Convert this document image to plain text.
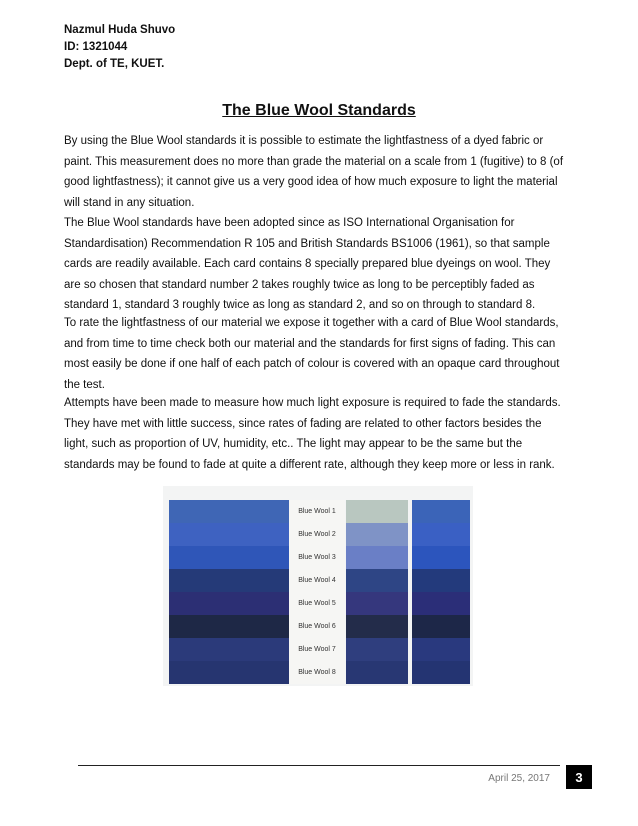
Nazmul Huda Shuvo
ID: 1321044
Dept. of TE, KUET.
The Blue Wool Standards

By using the Blue Wool standards it is possible to estimate the lightfastness of a dyed fabric or paint. This measurement does no more than grade the material on a scale from 1 (fugitive) to 8 (of good lightfastness); it cannot give us a very good idea of how much exposure to light the material will stand in any situation.

The Blue Wool standards have been adopted since as ISO International Organisation for Standardisation) Recommendation R 105 and British Standards BS1006 (1961), so that sample cards are readily available. Each card contains 8 specially prepared blue dyeings on wool. They are so chosen that standard number 2 takes roughly twice as long to be perceptibly faded as standard 1, standard 3 roughly twice as long as standard 2, and so on through to standard 8.

To rate the lightfastness of our material we expose it together with a card of Blue Wool standards, and from time to time check both our material and the standards for first signs of fading. This can most easily be done if one half of each patch of colour is covered with an opaque card throughout the test.

Attempts have been made to measure how much light exposure is required to fade the standards. They have met with little success, since rates of fading are related to other factors besides the light, such as proportion of UV, humidity, etc.. The light may appear to be the same but the standards may be found to fade at quite a different rate, although they keep more or less in rank.

Blue Wool 1
Blue Wool 2
Blue Wool 3
Blue Wool 4
Blue Wool 5
Blue Wool 6
Blue Wool 7
Blue Wool 8
April 25, 2017	3
